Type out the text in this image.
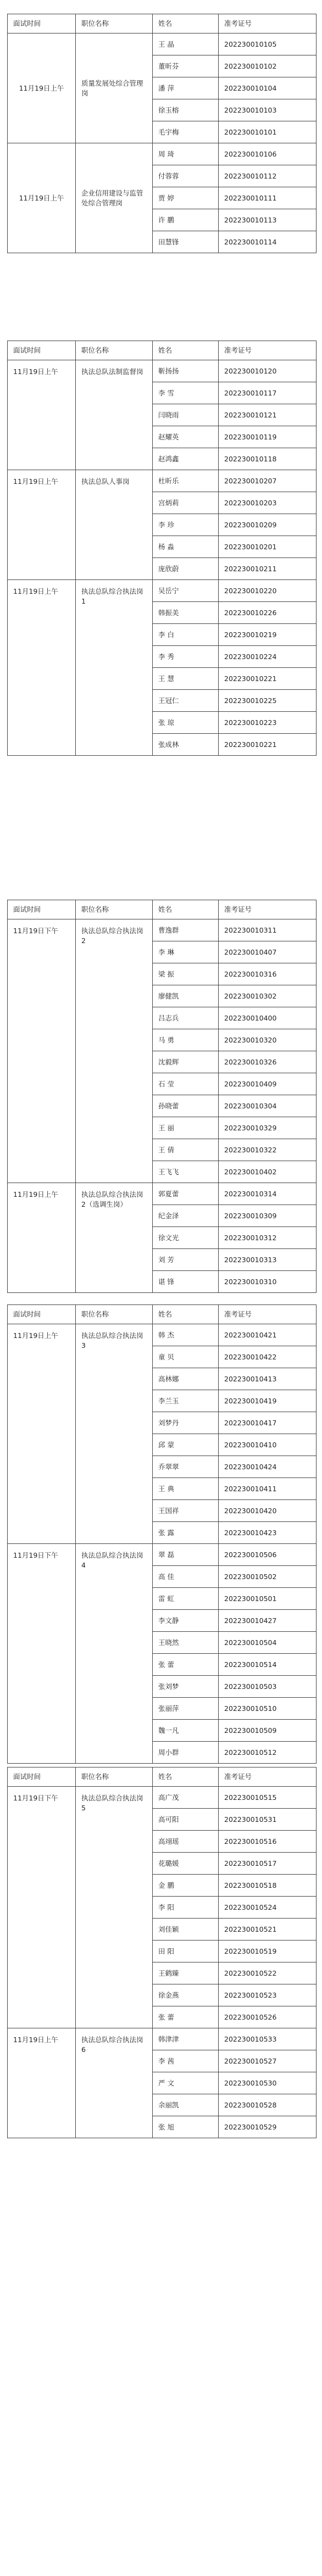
面试时间	职位名称	姓名	准考证号
11月19日上午	质量发展处综合管理岗	王 晶	202230010105
		董昕芬	202230010102
		潘 萍	202230010104
		徐玉榕	202230010103
		毛宇梅	202230010101
11月19日上午	企业信用建设与监管处综合管理岗	周 琦	202230010106
		付蓉蓉	202230010112
		贾 婷	202230010111
		许 鹏	202230010113
		田慧锋	202230010114
面试时间	职位名称	姓名	准考证号
11月19日上午	执法总队法制监督岗	靳扬扬	202230010120
		李 雪	202230010117
		闫晓雨	202230010121
		赵耀英	202230010119
		赵鸿鑫	202230010118
11月19日上午	执法总队人事岗	杜昕乐	202230010207
		宫炳莉	202230010203
		李 珍	202230010209
		杨 淼	202230010201
		庞欣蔚	202230010211
11月19日上午	执法总队综合执法岗1	吴岳宁	202230010220
		韩振美	202230010226
		李 白	202230010219
		李 秀	202230010224
		王 慧	202230010221
		王冠仁	202230010225
		张 琼	202230010223
		张成林	202230010221
面试时间	职位名称	姓名	准考证号
11月19日下午	执法总队综合执法岗2	曹逸群	202230010311
		李 琳	202230010407
		梁 振	202230010316
		廖健凯	202230010302
		吕志兵	202230010400
		马 勇	202230010320
		沈毅辉	202230010326
		石 莹	202230010409
		孙晓蕾	202230010304
		王 丽	202230010329
		王 倩	202230010322
		王飞飞	202230010402
11月19日上午	执法总队综合执法岗2（选调生岗）	郭夏蕾	202230010314
		纪金泽	202230010309
		徐文光	202230010312
		刘 芳	202230010313
		谌 锋	202230010310
面试时间	职位名称	姓名	准考证号
11月19日上午	执法总队综合执法岗3	韩 杰	202230010421
		童 贝	202230010422
		高林娜	202230010413
		李兰玉	202230010419
		刘梦丹	202230010417
		邱 蒙	202230010410
		乔翠翠	202230010424
		王 典	202230010411
		王国祥	202230010420
		张 露	202230010423
11月19日下午	执法总队综合执法岗4	翠 磊	202230010506
		高 佳	202230010502
		雷 虹	202230010501
		李文静	202230010427
		王晓然	202230010504
		张 蕾	202230010514
		张刘梦	202230010503
		张丽萍	202230010510
		魏一凡	202230010509
		周小群	202230010512
面试时间	职位名称	姓名	准考证号
11月19日下午	执法总队综合执法岗5	高广茂	202230010515
		高可阳	202230010531
		高翊瑶	202230010516
		花璐媛	202230010517
		金 鹏	202230010518
		李 阳	202230010524
		刘佳颖	202230010521
		田 阳	202230010519
		王鹤臻	202230010522
		徐金燕	202230010523
		张 蕾	202230010526
11月19日上午	执法总队综合执法岗6	韩津津	202230010533
		李 茜	202230010527
		严 文	202230010530
		余丽凯	202230010528
		张 旭	202230010529
